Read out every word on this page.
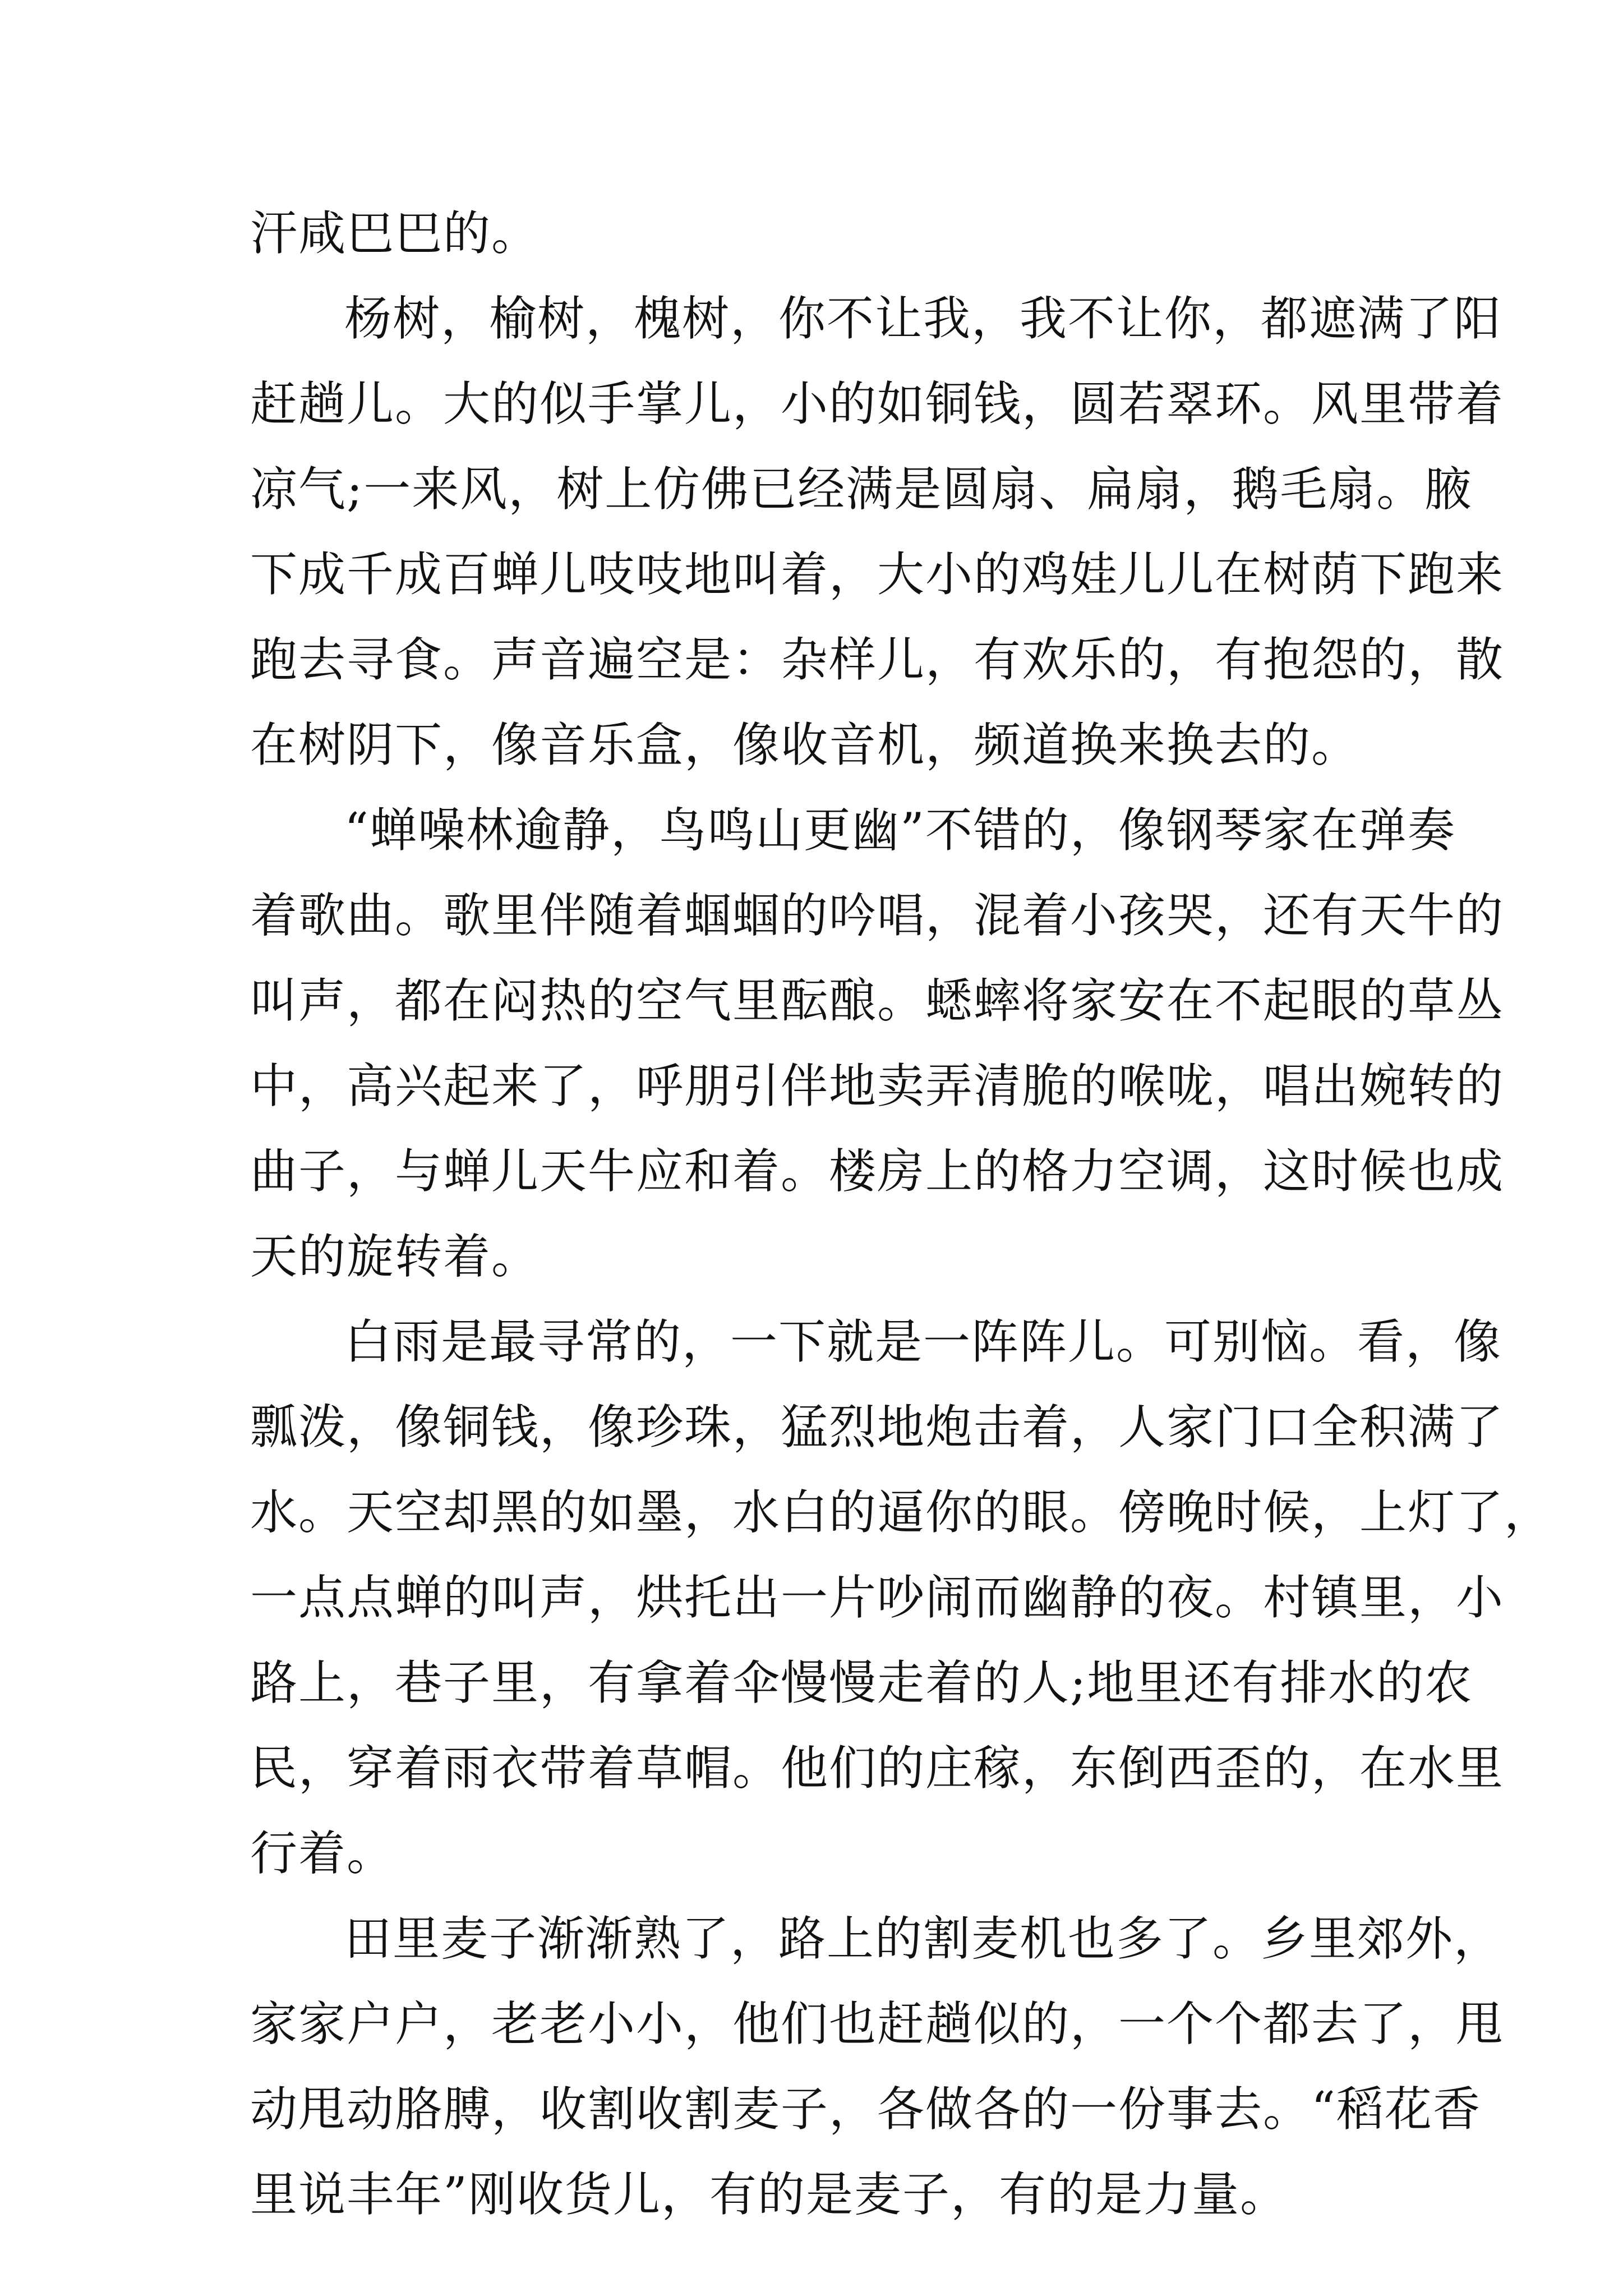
汗咸巴巴的。
杨树，榆树，槐树，你不让我，我不让你，都遮满了阳
赶趟儿。大的似手掌儿，小的如铜钱，圆若翠环。风里带着
凉气;一来风，树上仿佛已经满是圆扇、扁扇，鹅毛扇。腋
下成千成百蝉儿吱吱地叫着，大小的鸡娃儿儿在树荫下跑来
跑去寻食。声音遍空是：杂样儿，有欢乐的，有抱怨的，散
在树阴下，像音乐盒，像收音机，频道换来换去的。
“蝉噪林逾静，鸟鸣山更幽”不错的，像钢琴家在弹奏
着歌曲。歌里伴随着蝈蝈的吟唱，混着小孩哭，还有天牛的
叫声，都在闷热的空气里酝酿。蟋蟀将家安在不起眼的草丛
中，高兴起来了，呼朋引伴地卖弄清脆的喉咙，唱出婉转的
曲子，与蝉儿天牛应和着。楼房上的格力空调，这时候也成
天的旋转着。
白雨是最寻常的，一下就是一阵阵儿。可别恼。看，像
瓢泼，像铜钱，像珍珠，猛烈地炮击着，人家门口全积满了
水。天空却黑的如墨，水白的逼你的眼。傍晚时候，上灯了，
一点点蝉的叫声，烘托出一片吵闹而幽静的夜。村镇里，小
路上，巷子里，有拿着伞慢慢走着的人;地里还有排水的农
民，穿着雨衣带着草帽。他们的庄稼，东倒西歪的，在水里
行着。
田里麦子渐渐熟了，路上的割麦机也多了。乡里郊外，
家家户户，老老小小，他们也赶趟似的，一个个都去了，甩
动甩动胳膊，收割收割麦子，各做各的一份事去。“稻花香
里说丰年”刚收货儿，有的是麦子，有的是力量。
